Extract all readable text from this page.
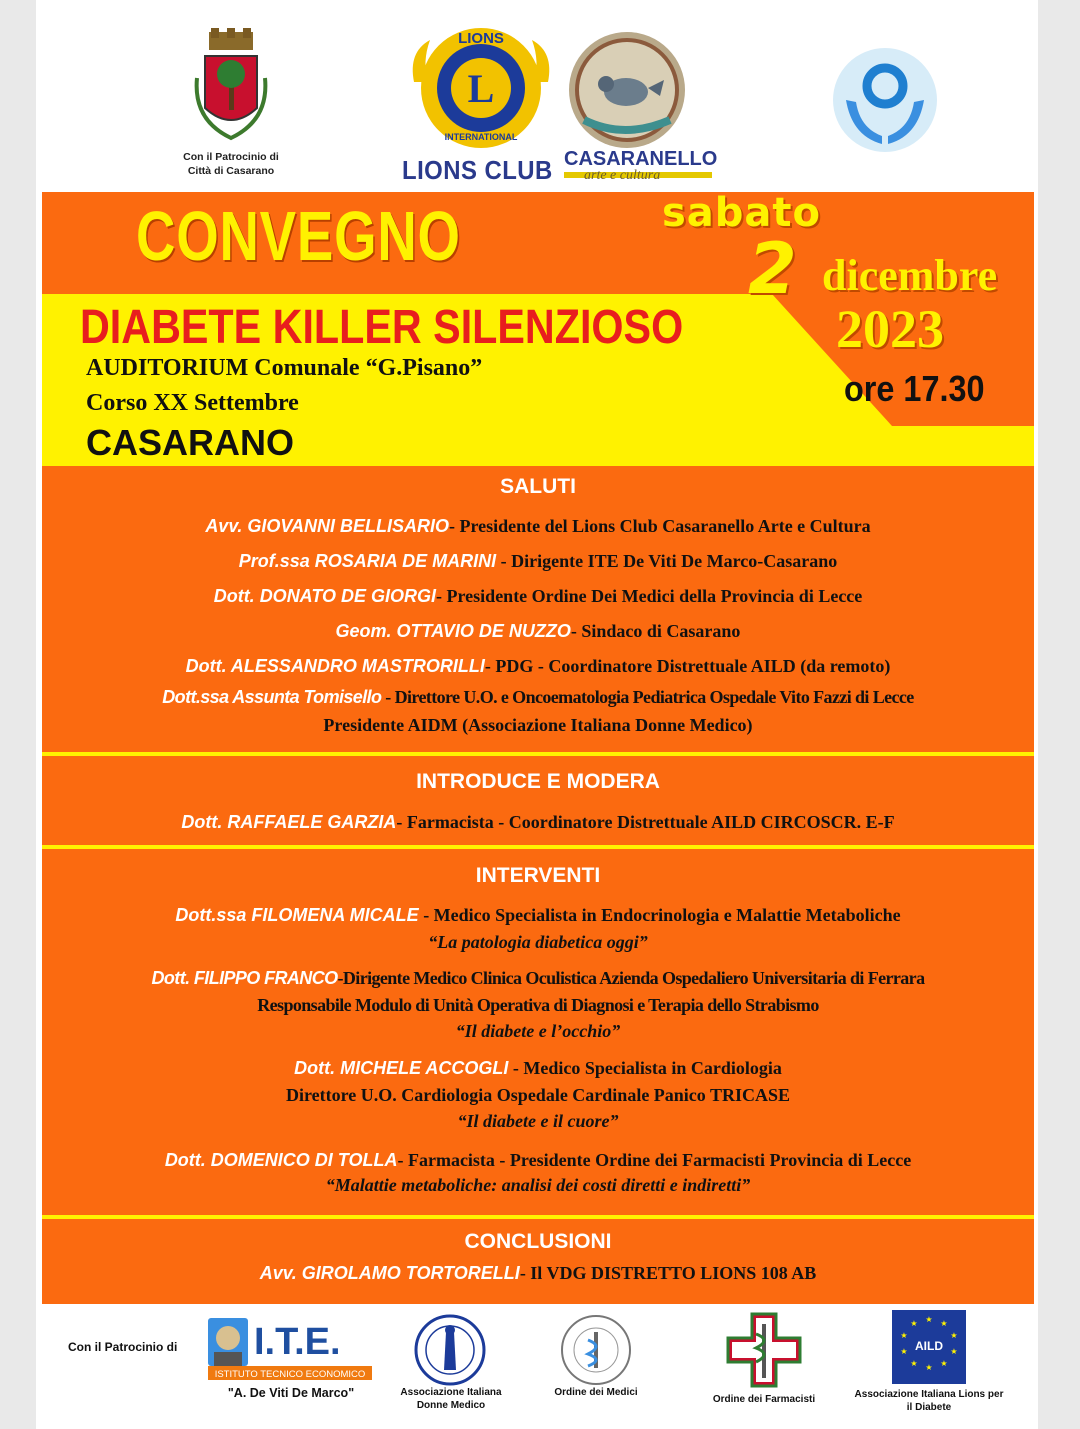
Con il Patrocinio di
Città di Casarano
L
LIONS
INTERNATIONAL
LIONS CLUB CASARANELLO
arte e cultura
CONVEGNO	sabato
2 dicembre
2023
ore 17.30
DIABETE KILLER SILENZIOSO
AUDITORIUM Comunale “G.Pisano”
Corso XX Settembre
CASARANO
SALUTI
Avv. GIOVANNI BELLISARIO- Presidente del Lions Club Casaranello Arte e Cultura
Prof.ssa ROSARIA DE MARINI - Dirigente ITE De Viti De Marco-Casarano
Dott. DONATO DE GIORGI- Presidente Ordine Dei Medici della Provincia di Lecce
Geom. OTTAVIO DE NUZZO- Sindaco di Casarano
Dott. ALESSANDRO MASTRORILLI- PDG - Coordinatore Distrettuale AILD (da remoto)
Dott.ssa Assunta Tomisello - Direttore U.O. e Oncoematologia Pediatrica Ospedale Vito Fazzi di Lecce
Presidente AIDM (Associazione Italiana Donne Medico)
INTRODUCE E MODERA
Dott. RAFFAELE GARZIA- Farmacista - Coordinatore Distrettuale AILD CIRCOSCR. E-F
INTERVENTI
Dott.ssa FILOMENA MICALE - Medico Specialista in Endocrinologia e Malattie Metaboliche
“La patologia diabetica oggi”
Dott. FILIPPO FRANCO-Dirigente Medico Clinica Oculistica Azienda Ospedaliero Universitaria di Ferrara
Responsabile Modulo di Unità Operativa di Diagnosi e Terapia dello Strabismo
“Il diabete e l’occhio”
Dott. MICHELE ACCOGLI - Medico Specialista in Cardiologia
Direttore U.O. Cardiologia Ospedale Cardinale Panico TRICASE
“Il diabete e il cuore”
Dott. DOMENICO DI TOLLA- Farmacista - Presidente Ordine dei Farmacisti Provincia di Lecce
“Malattie metaboliche: analisi dei costi diretti e indiretti”
CONCLUSIONI
Avv. GIROLAMO TORTORELLI- Il VDG DISTRETTO LIONS 108 AB
Con il Patrocinio di I.T.E.
ISTITUTO TECNICO ECONOMICO
"A. De Viti De Marco"	Associazione Italiana Donne Medico
Ordine dei Medici
Ordine dei Farmacisti
★ ★
★
★
★
★
★
★
★
★
AILD
Associazione Italiana Lions per il Diabete
